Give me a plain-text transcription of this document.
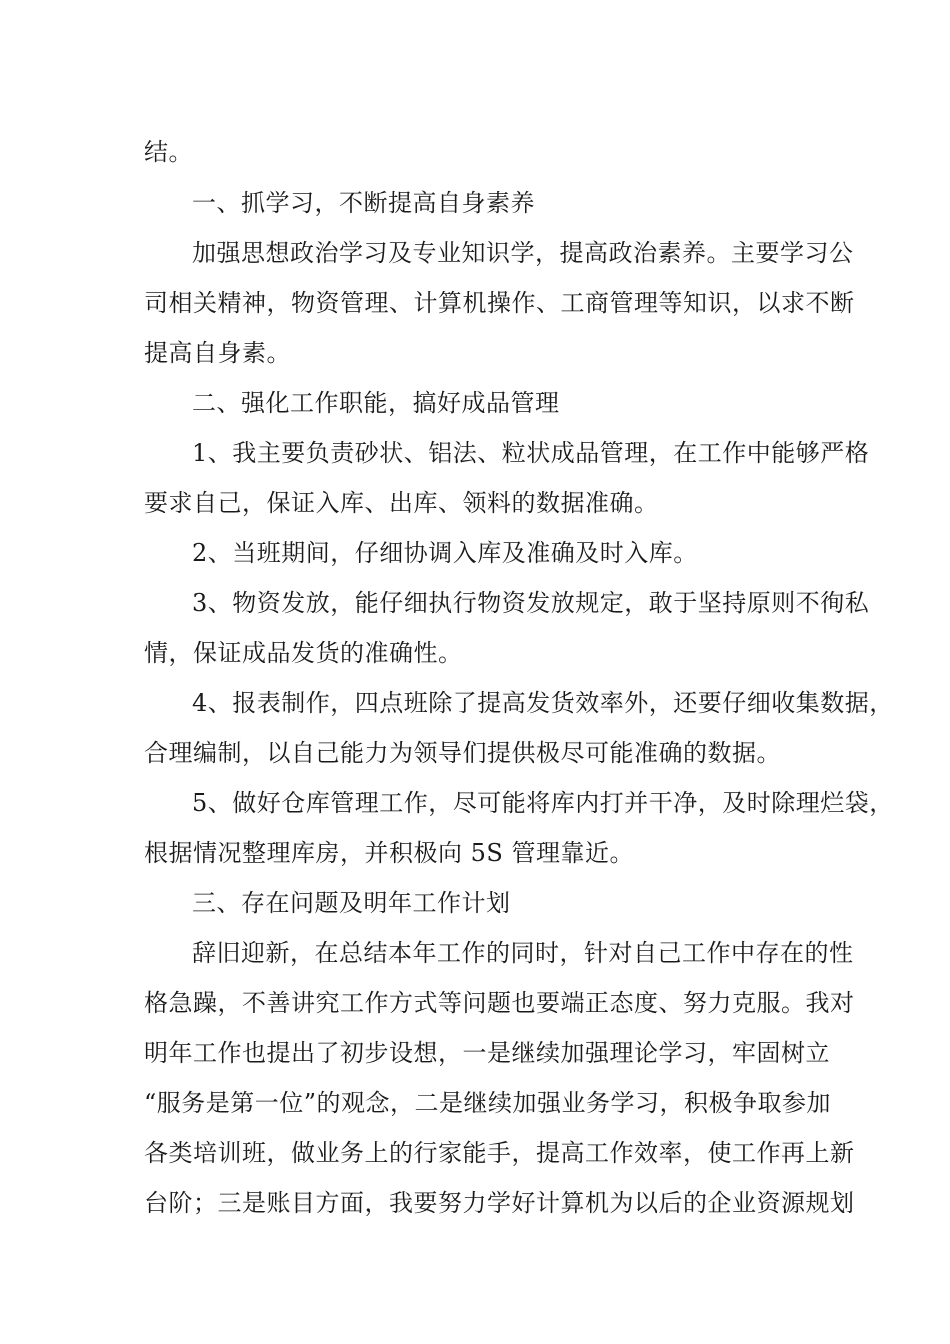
结。
一、抓学习，不断提高自身素养
加强思想政治学习及专业知识学，提高政治素养。主要学习公
司相关精神，物资管理、计算机操作、工商管理等知识，以求不断
提高自身素。
二、强化工作职能，搞好成品管理
1、我主要负责砂状、铝法、粒状成品管理，在工作中能够严格
要求自己，保证入库、出库、领料的数据准确。
2、当班期间，仔细协调入库及准确及时入库。
3、物资发放，能仔细执行物资发放规定，敢于坚持原则不徇私
情，保证成品发货的准确性。
4、报表制作，四点班除了提高发货效率外，还要仔细收集数据，
合理编制，以自己能力为领导们提供极尽可能准确的数据。
5、做好仓库管理工作，尽可能将库内打并干净，及时除理烂袋，
根据情况整理库房，并积极向 5S 管理靠近。
三、存在问题及明年工作计划
辞旧迎新，在总结本年工作的同时，针对自己工作中存在的性
格急躁，不善讲究工作方式等问题也要端正态度、努力克服。我对
明年工作也提出了初步设想，一是继续加强理论学习，牢固树立
“服务是第一位”的观念，二是继续加强业务学习，积极争取参加
各类培训班，做业务上的行家能手，提高工作效率，使工作再上新
台阶；三是账目方面，我要努力学好计算机为以后的企业资源规划
